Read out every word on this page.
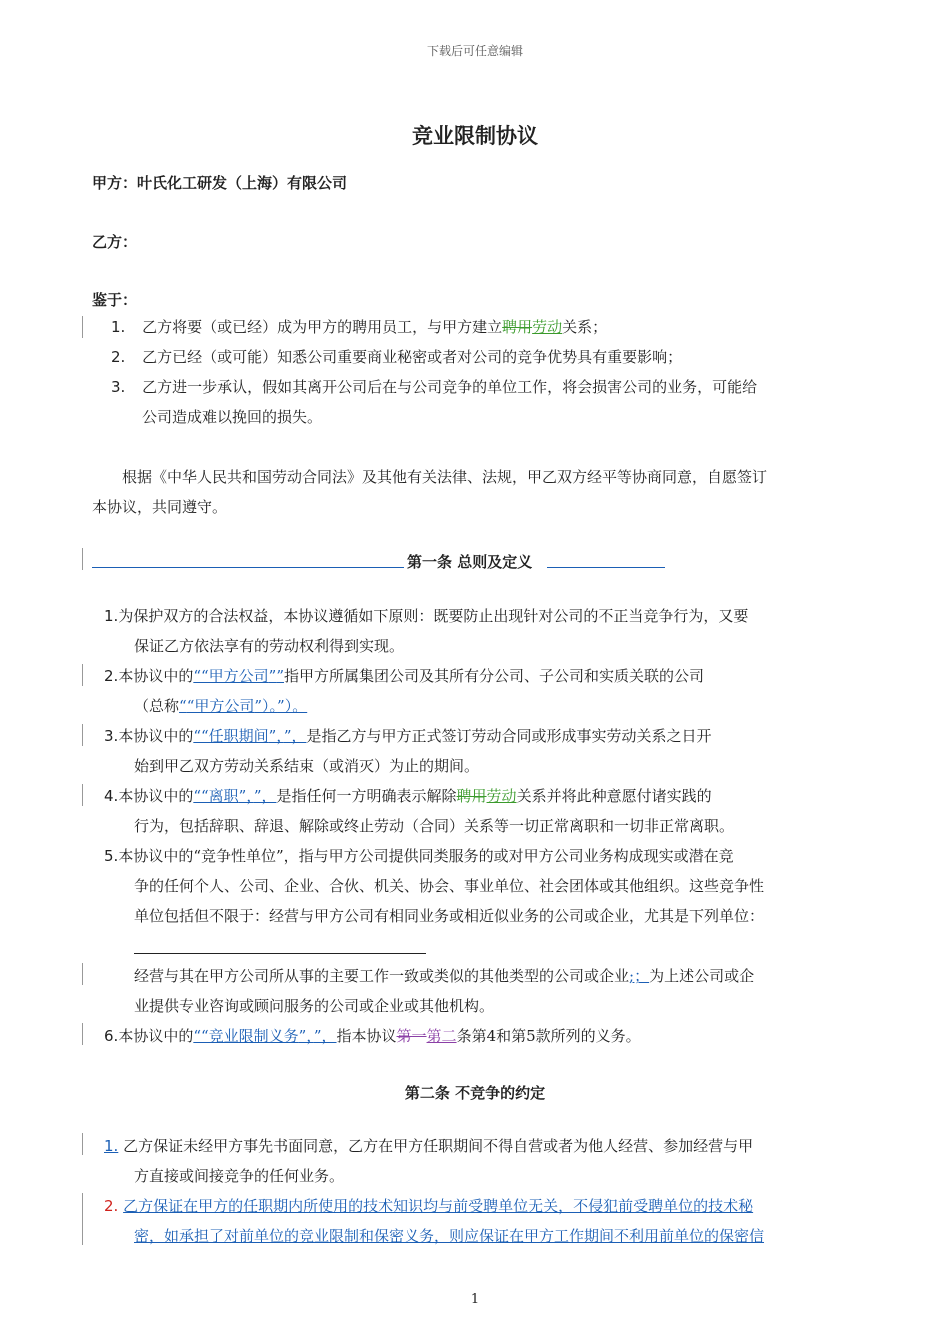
下载后可任意编辑
竞业限制协议
甲方：叶氏化工研发（上海）有限公司
乙方：
鉴于：
1. 乙方将要（或已经）成为甲方的聘用员工，与甲方建立聘用劳动关系；
2. 乙方已经（或可能）知悉公司重要商业秘密或者对公司的竞争优势具有重要影响；
3. 乙方进一步承认，假如其离开公司后在与公司竞争的单位工作，将会损害公司的业务，可能给
公司造成难以挽回的损失。
根据《中华人民共和国劳动合同法》及其他有关法律、法规，甲乙双方经平等协商同意，自愿签订
本协议，共同遵守。
第一条 总则及定义
1.为保护双方的合法权益，本协议遵循如下原则：既要防止出现针对公司的不正当竞争行为，又要
保证乙方依法享有的劳动权利得到实现。
2.本协议中的““甲方公司””指甲方所属集团公司及其所有分公司、子公司和实质关联的公司
（总称““甲方公司”）。”）。
3.本协议中的““任职期间”，”，是指乙方与甲方正式签订劳动合同或形成事实劳动关系之日开
始到甲乙双方劳动关系结束（或消灭）为止的期间。
4.本协议中的““离职”，”，是指任何一方明确表示解除聘用劳动关系并将此种意愿付诸实践的
行为，包括辞职、辞退、解除或终止劳动（合同）关系等一切正常离职和一切非正常离职。
5.本协议中的“竞争性单位”，指与甲方公司提供同类服务的或对甲方公司业务构成现实或潜在竞
争的任何个人、公司、企业、合伙、机关、协会、事业单位、社会团体或其他组织。这些竞争性
单位包括但不限于：经营与甲方公司有相同业务或相近似业务的公司或企业，尤其是下列单位：
经营与其在甲方公司所从事的主要工作一致或类似的其他类型的公司或企业;；为上述公司或企
业提供专业咨询或顾问服务的公司或企业或其他机构。
6.本协议中的““竞业限制义务”，”，指本协议第一第二条第4和第5款所列的义务。
第二条 不竞争的约定
1. 乙方保证未经甲方事先书面同意，乙方在甲方任职期间不得自营或者为他人经营、参加经营与甲
方直接或间接竞争的任何业务。
2. 乙方保证在甲方的任职期内所使用的技术知识均与前受聘单位无关，不侵犯前受聘单位的技术秘
密，如承担了对前单位的竞业限制和保密义务，则应保证在甲方工作期间不利用前单位的保密信
1
